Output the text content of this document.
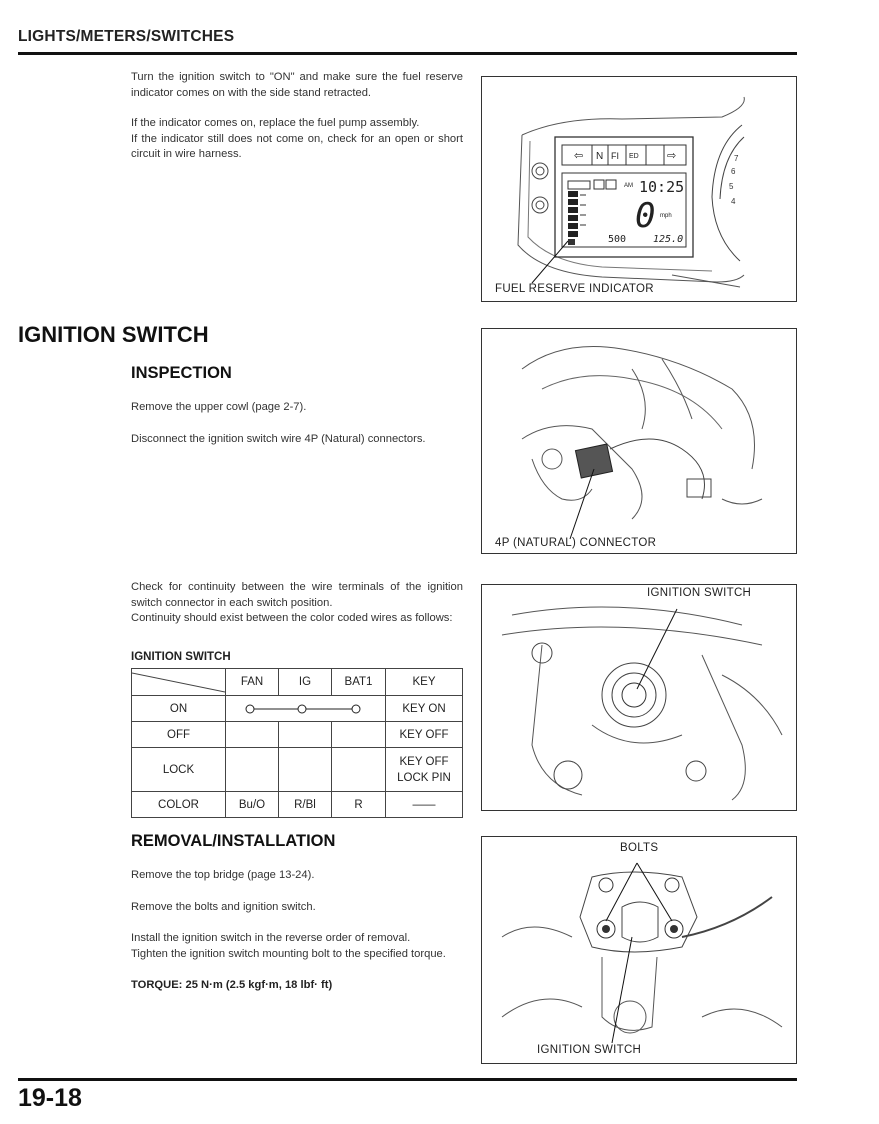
LIGHTS/METERS/SWITCHES

Turn the ignition switch to "ON" and make sure the fuel reserve indicator comes on with the side stand retracted.

If the indicator comes on, replace the fuel pump assembly.

If the indicator still does not come on, check for an open or short circuit in wire harness.	⇦ N FI ED	⇨
AM 10:25
0 mph
500	125.0
7
6
5
4
FUEL RESERVE INDICATOR
IGNITION SWITCH
INSPECTION

Remove the upper cowl (page 2-7).

Disconnect the ignition switch wire 4P (Natural) connectors.

4P (NATURAL) CONNECTOR

Check for continuity between the wire terminals of the ignition switch connector in each switch position.

Continuity should exist between the color coded wires as follows:

IGNITION SWITCH
	FAN	IG	BAT1	KEY
ON				KEY ON
OFF				KEY OFF
LOCK				KEY OFF
LOCK PIN

COLOR	Bu/O	R/Bl	R	——
IGNITION SWITCH
REMOVAL/INSTALLATION

Remove the top bridge (page 13-24).

Remove the bolts and ignition switch.

Install the ignition switch in the reverse order of removal.

Tighten the ignition switch mounting bolt to the specified torque.

TORQUE: 25 N·m (2.5 kgf·m, 18 lbf· ft)

BOLTS
IGNITION SWITCH
19-18
